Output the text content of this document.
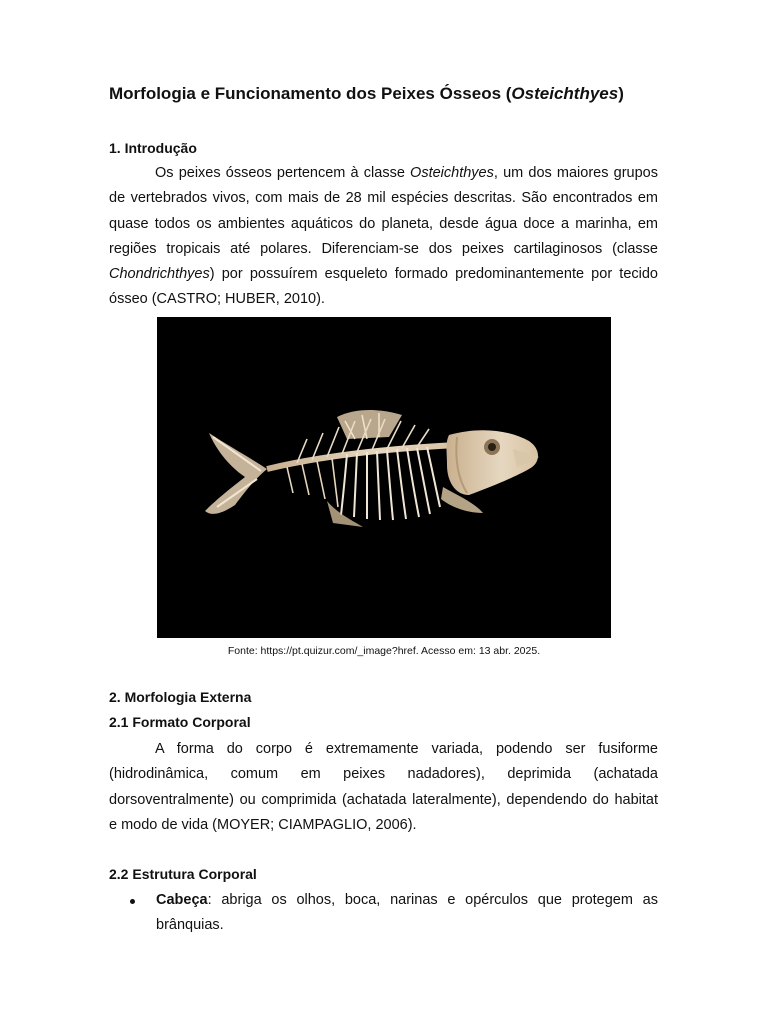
Morfologia e Funcionamento dos Peixes Ósseos (Osteichthyes)
1. Introdução

Os peixes ósseos pertencem à classe Osteichthyes, um dos maiores grupos de vertebrados vivos, com mais de 28 mil espécies descritas. São encontrados em quase todos os ambientes aquáticos do planeta, desde água doce a marinha, em regiões tropicais até polares. Diferenciam-se dos peixes cartilaginosos (classe Chondrichthyes) por possuírem esqueleto formado predominantemente por tecido ósseo (CASTRO; HUBER, 2010).

Fonte: https://pt.quizur.com/_image?href. Acesso em: 13 abr. 2025.

2. Morfologia Externa
2.1 Formato Corporal

A forma do corpo é extremamente variada, podendo ser fusiforme (hidrodinâmica, comum em peixes nadadores), deprimida (achatada dorsoventralmente) ou comprimida (achatada lateralmente), dependendo do habitat e modo de vida (MOYER; CIAMPAGLIO, 2006).

2.2 Estrutura Corporal
Cabeça: abriga os olhos, boca, narinas e opérculos que protegem as brânquias.
